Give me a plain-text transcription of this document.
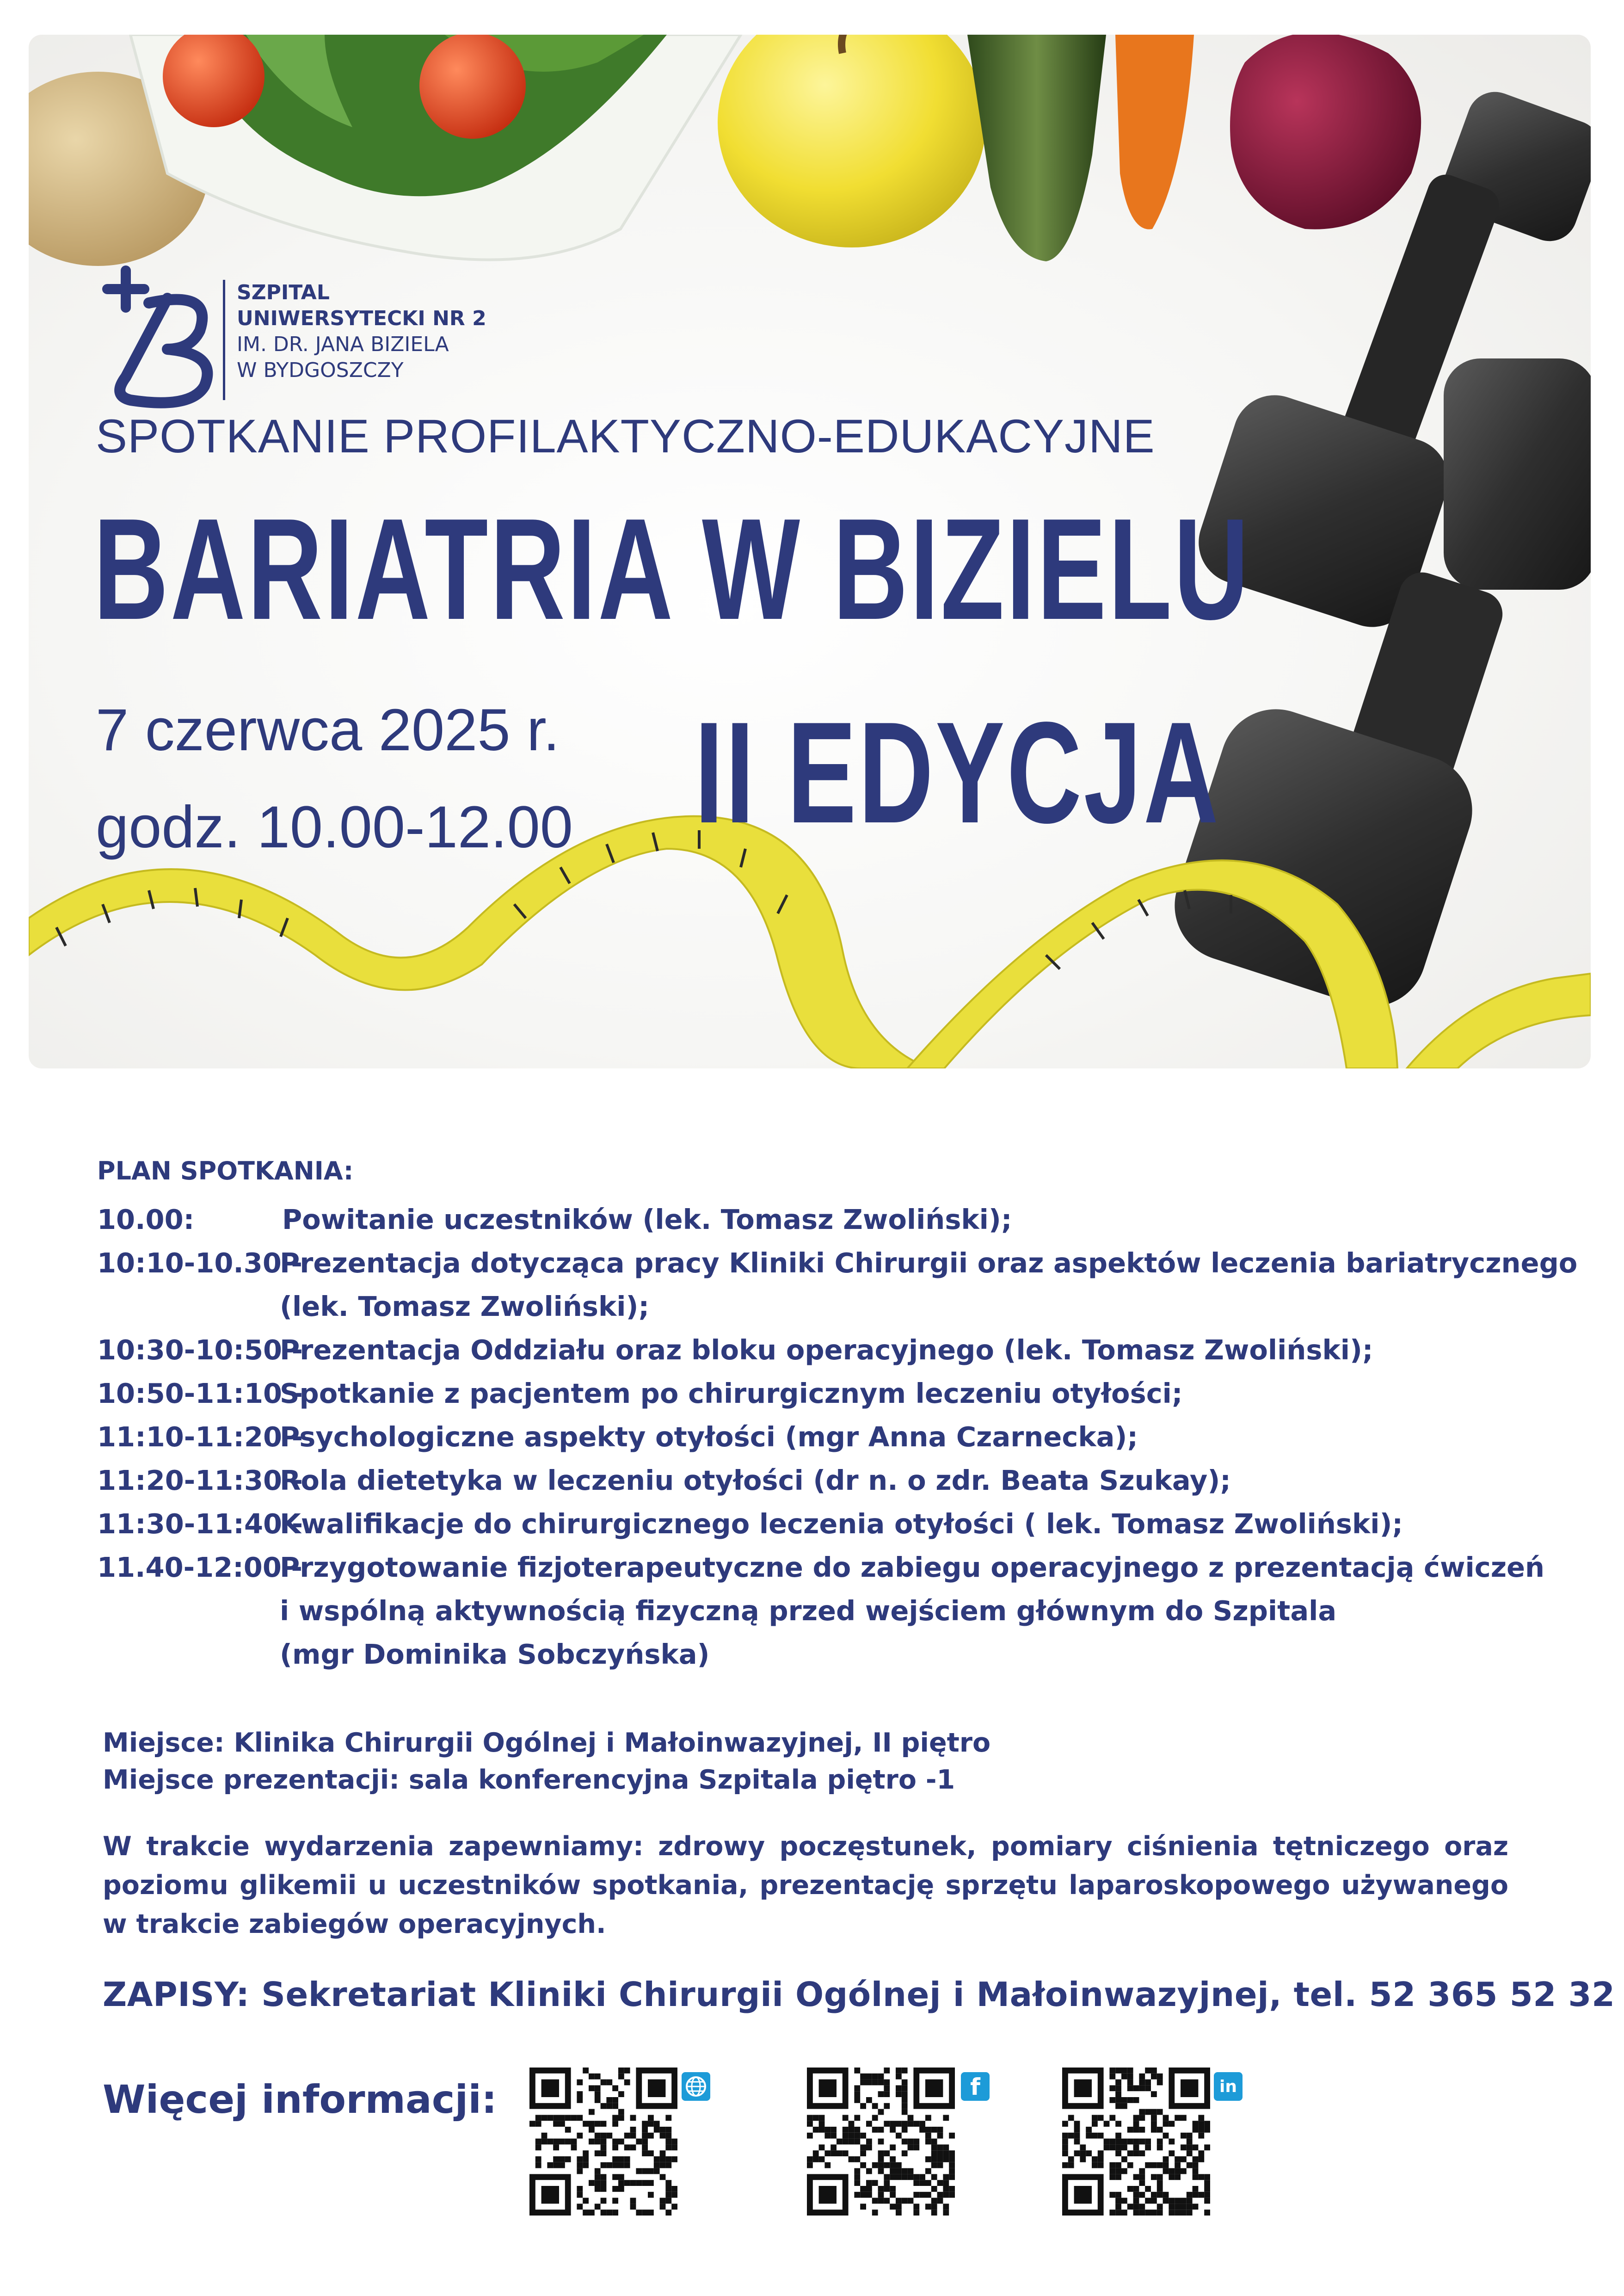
SZPITAL
UNIWERSYTECKI NR 2
IM. DR. JANA BIZIELA
W BYDGOSZCZY
SPOTKANIE PROFILAKTYCZNO-EDUKACYJNE
BARIATRIA W BIZIELU
7 czerwca 2025 r.
godz. 10.00-12.00 II EDYCJA
PLAN SPOTKANIA:
10.00:	Powitanie uczestników (lek. Tomasz Zwoliński);
10:10-10.30 -
Prezentacja dotycząca pracy Kliniki Chirurgii oraz aspektów leczenia bariatrycznego
(lek. Tomasz Zwoliński);
10:30-10:50 -
Prezentacja Oddziału oraz bloku operacyjnego (lek. Tomasz Zwoliński);
10:50-11:10 -
Spotkanie z pacjentem po chirurgicznym leczeniu otyłości;
11:10-11:20 -
Psychologiczne aspekty otyłości (mgr Anna Czarnecka);
11:20-11:30 -
Rola dietetyka w leczeniu otyłości (dr n. o zdr. Beata Szukay);
11:30-11:40 -
Kwalifikacje do chirurgicznego leczenia otyłości ( lek. Tomasz Zwoliński);
11.40-12:00 -
Przygotowanie fizjoterapeutyczne do zabiegu operacyjnego z prezentacją ćwiczeń
i wspólną aktywnością fizyczną przed wejściem głównym do Szpitala
(mgr Dominika Sobczyńska)
Miejsce: Klinika Chirurgii Ogólnej i Małoinwazyjnej, II piętro
Miejsce prezentacji: sala konferencyjna Szpitala piętro -1
W trakcie wydarzenia zapewniamy: zdrowy poczęstunek, pomiary ciśnienia tętniczego oraz poziomu glikemii u uczestników spotkania, prezentację sprzętu laparoskopowego używanego w trakcie zabiegów operacyjnych.
ZAPISY: Sekretariat Kliniki Chirurgii Ogólnej i Małoinwazyjnej, tel. 52 365 52 32
Więcej informacji:	f	in
